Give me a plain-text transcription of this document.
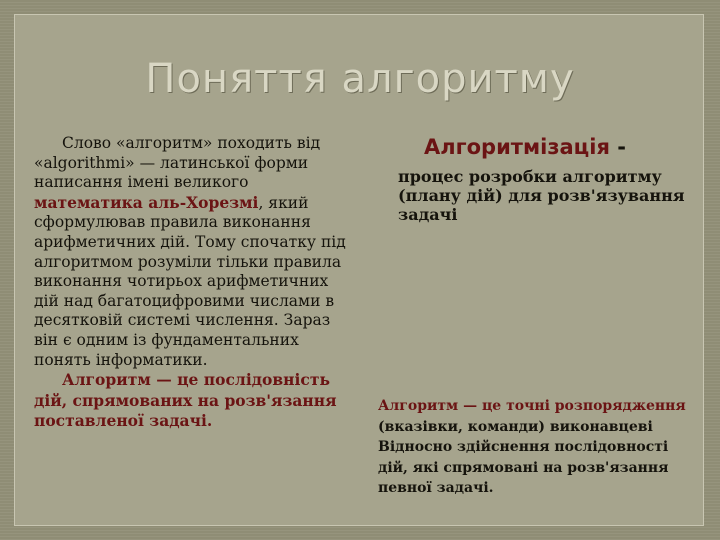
Поняття алгоритму

Слово «алгоритм» походить від «algorithmi» — латинської форми написання імені великого математика аль-Хорезмі, який сформулював правила виконання арифметичних дій. Тому спочатку під алгоритмом розуміли тільки правила виконання чотирьох арифметичних дій над багатоцифровими числами в десятковій системі числення. Зараз він є одним із фундаментальних понять інформатики.

Алгоритм — це послідовність дій, спрямованих на розв'язання поставленої задачі.

Алгоритмізація -
процес розробки алгоритму (плану дій) для розв'язування задачі
Алгоритм — це точні розпорядження
(вказівки, команди) виконавцеві Відносно здійснення послідовності дій, які спрямовані на розв'язання певної задачі.
